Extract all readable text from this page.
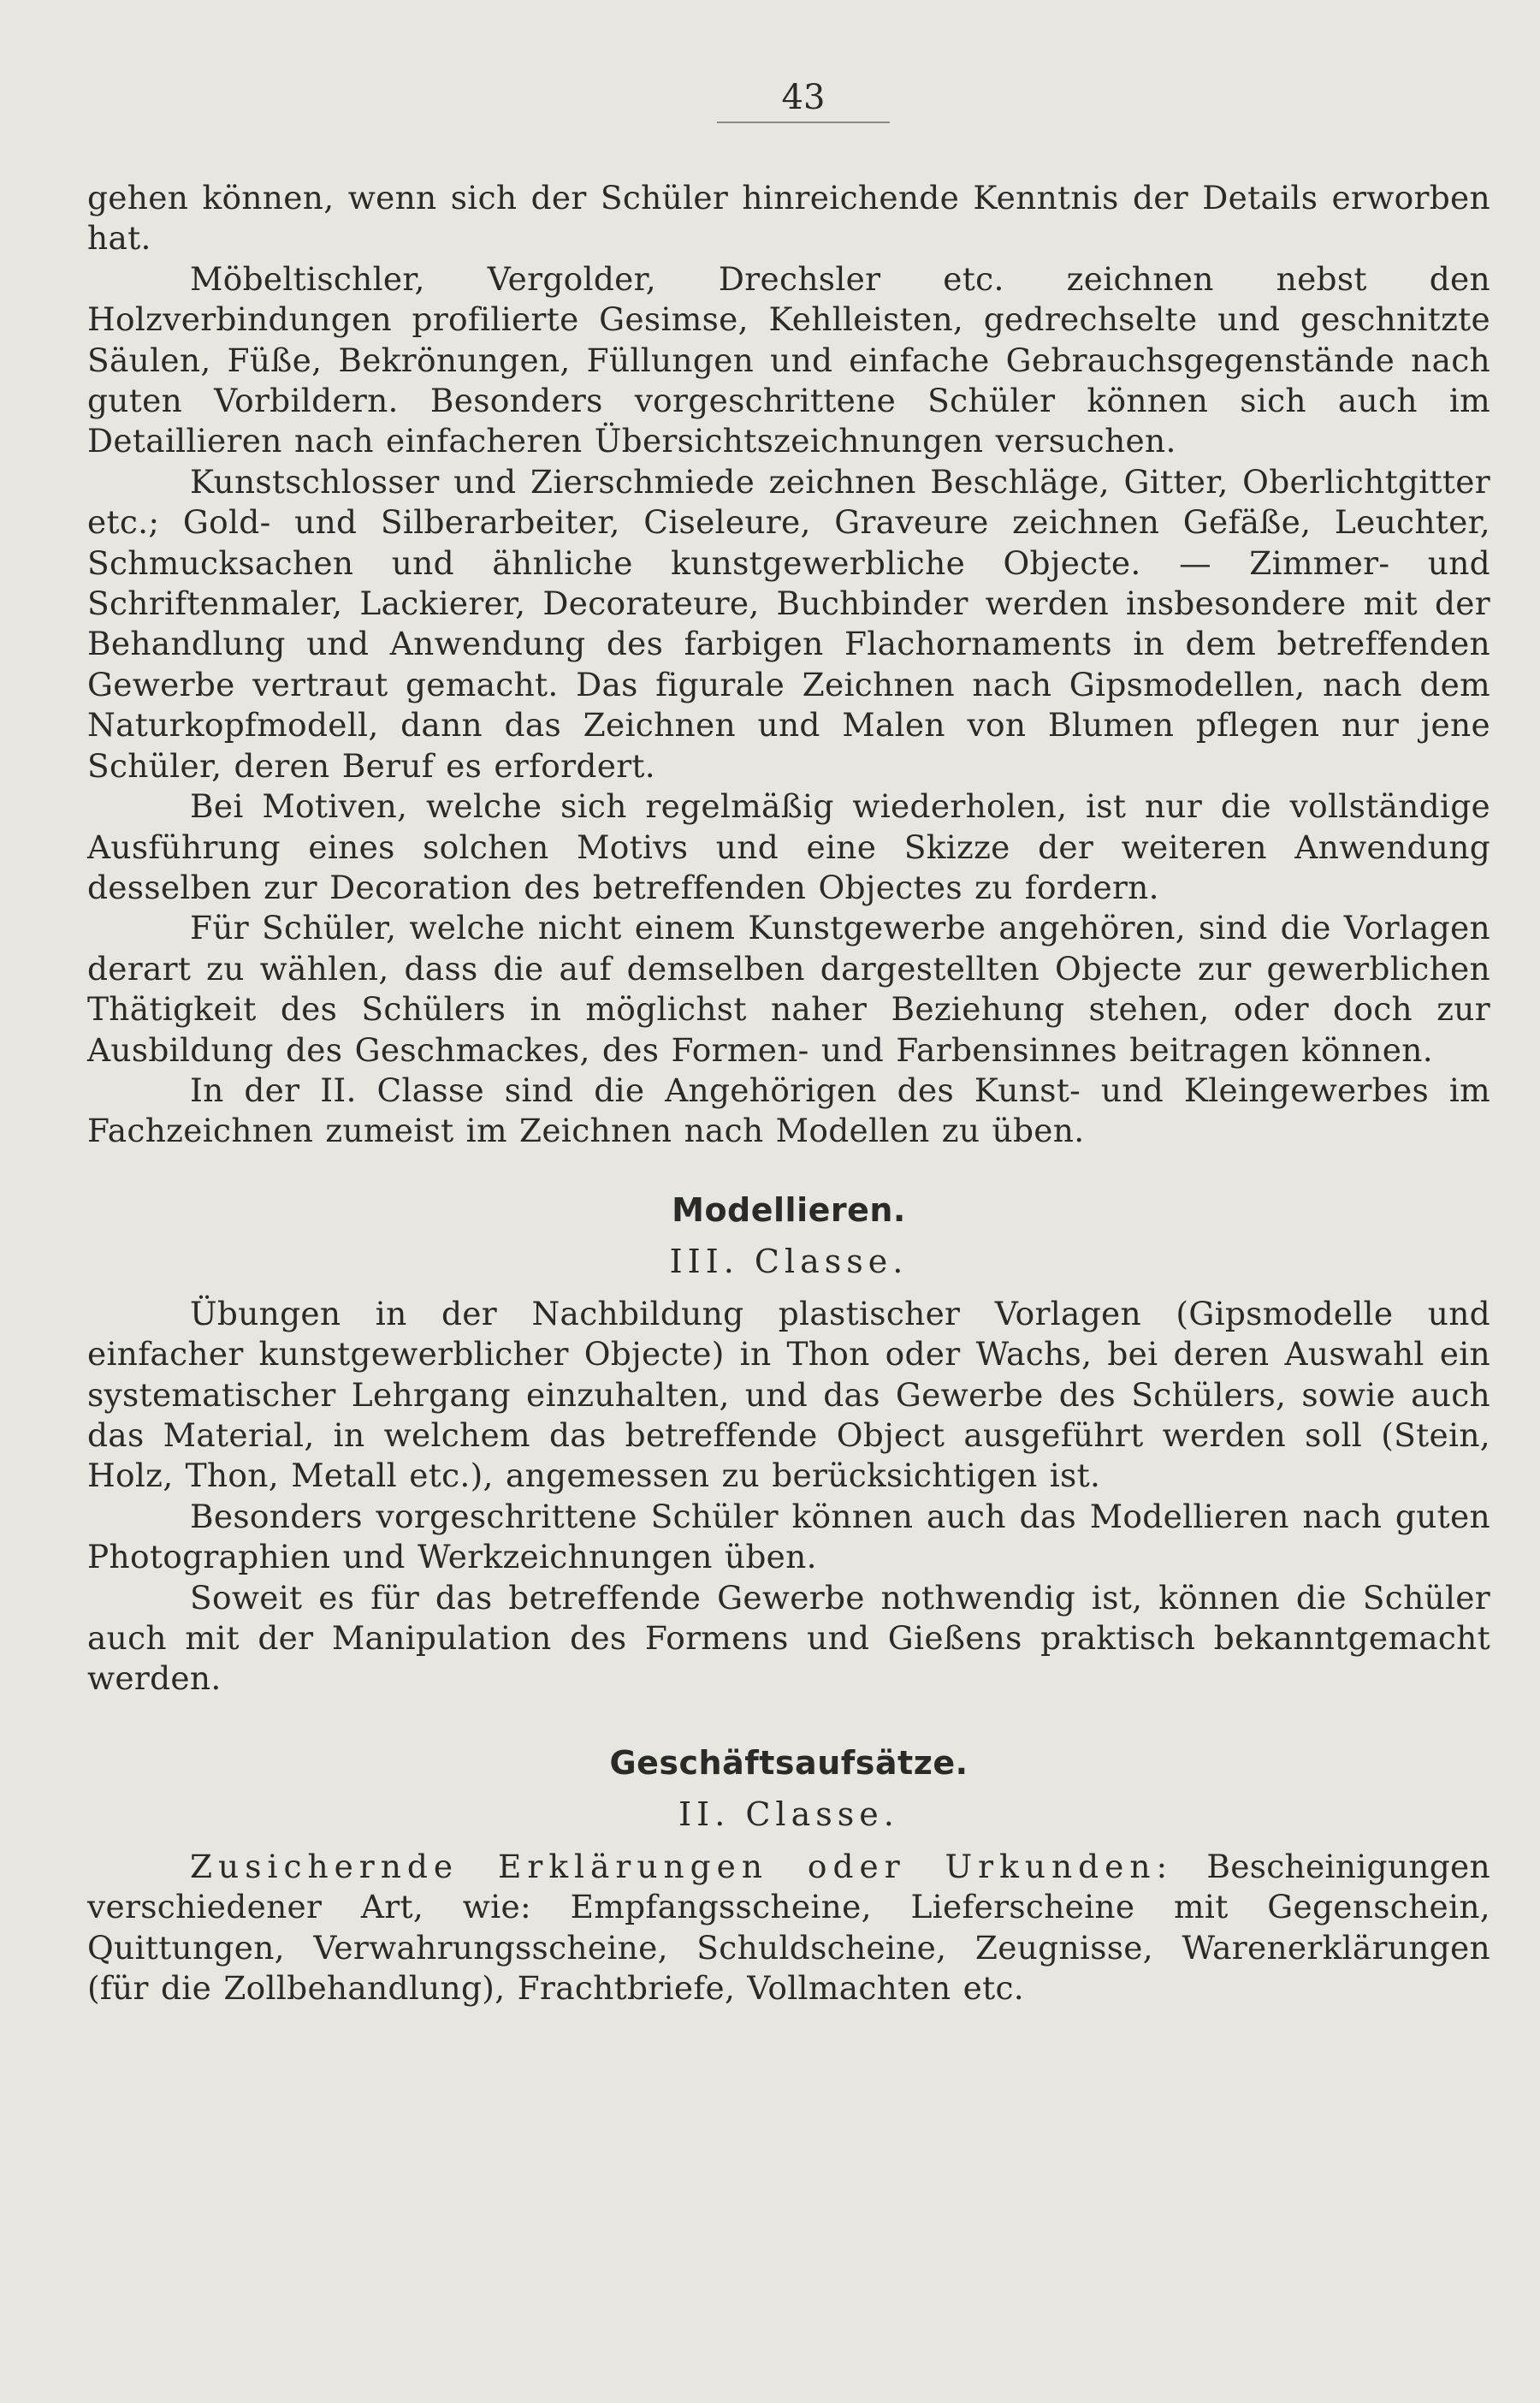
43

gehen können, wenn sich der Schüler hinreichende Kenntnis der Details erworben hat.

Möbeltischler, Vergolder, Drechsler etc. zeichnen nebst den Holzverbindungen profilierte Gesimse, Kehlleisten, gedrechselte und geschnitzte Säulen, Füße, Bekrönungen, Füllungen und einfache Gebrauchsgegenstände nach guten Vorbildern. Besonders vorgeschrittene Schüler können sich auch im Detaillieren nach einfacheren Übersichtszeichnungen versuchen.

Kunstschlosser und Zierschmiede zeichnen Beschläge, Gitter, Oberlichtgitter etc.; Gold- und Silberarbeiter, Ciseleure, Graveure zeichnen Gefäße, Leuchter, Schmucksachen und ähnliche kunstgewerbliche Objecte. — Zimmer- und Schriftenmaler, Lackierer, Decorateure, Buchbinder werden insbesondere mit der Behandlung und Anwendung des farbigen Flachornaments in dem betreffenden Gewerbe vertraut gemacht. Das figurale Zeichnen nach Gipsmodellen, nach dem Naturkopfmodell, dann das Zeichnen und Malen von Blumen pflegen nur jene Schüler, deren Beruf es erfordert.

Bei Motiven, welche sich regelmäßig wiederholen, ist nur die vollständige Ausführung eines solchen Motivs und eine Skizze der weiteren Anwendung desselben zur Decoration des betreffenden Objectes zu fordern.

Für Schüler, welche nicht einem Kunstgewerbe angehören, sind die Vorlagen derart zu wählen, dass die auf demselben dargestellten Objecte zur gewerblichen Thätigkeit des Schülers in möglichst naher Beziehung stehen, oder doch zur Ausbildung des Geschmackes, des Formen- und Farbensinnes beitragen können.

In der II. Classe sind die Angehörigen des Kunst- und Kleingewerbes im Fachzeichnen zumeist im Zeichnen nach Modellen zu üben.

Modellieren.

III. Classe.

Übungen in der Nachbildung plastischer Vorlagen (Gipsmodelle und einfacher kunstgewerblicher Objecte) in Thon oder Wachs, bei deren Auswahl ein systematischer Lehrgang einzuhalten, und das Gewerbe des Schülers, sowie auch das Material, in welchem das betreffende Object ausgeführt werden soll (Stein, Holz, Thon, Metall etc.), angemessen zu berücksichtigen ist.

Besonders vorgeschrittene Schüler können auch das Modellieren nach guten Photographien und Werkzeichnungen üben.

Soweit es für das betreffende Gewerbe nothwendig ist, können die Schüler auch mit der Manipulation des Formens und Gießens praktisch bekanntgemacht werden.

Geschäftsaufsätze.

II. Classe.

Zusichernde Erklärungen oder Urkunden: Bescheinigungen verschiedener Art, wie: Empfangsscheine, Lieferscheine mit Gegenschein, Quittungen, Verwahrungsscheine, Schuldscheine, Zeugnisse, Warenerklärungen (für die Zollbehandlung), Frachtbriefe, Vollmachten etc.
